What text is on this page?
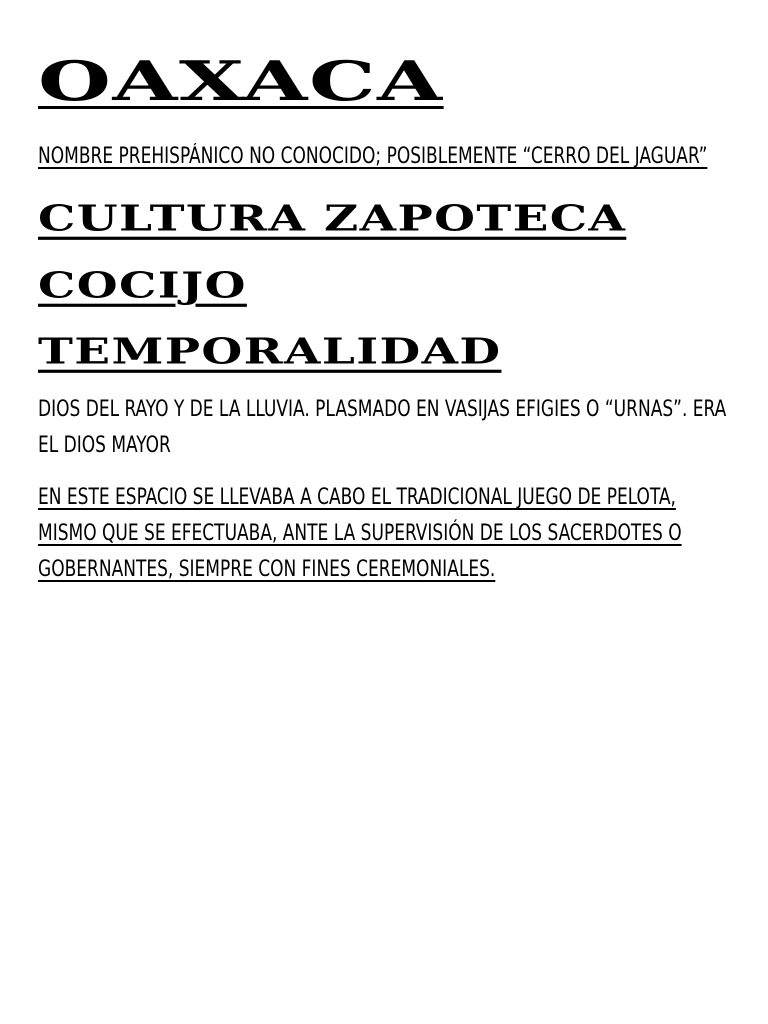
OAXACA

NOMBRE PREHISPÁNICO NO CONOCIDO; POSIBLEMENTE “CERRO DEL JAGUAR”

CULTURA ZAPOTECA
COCIJO
TEMPORALIDAD

DIOS DEL RAYO Y DE LA LLUVIA. PLASMADO EN VASIJAS EFIGIES O “URNAS”. ERA EL DIOS MAYOR

EN ESTE ESPACIO SE LLEVABA A CABO EL TRADICIONAL JUEGO DE PELOTA, MISMO QUE SE EFECTUABA, ANTE LA SUPERVISIÓN DE LOS SACERDOTES O GOBERNANTES, SIEMPRE CON FINES CEREMONIALES.
